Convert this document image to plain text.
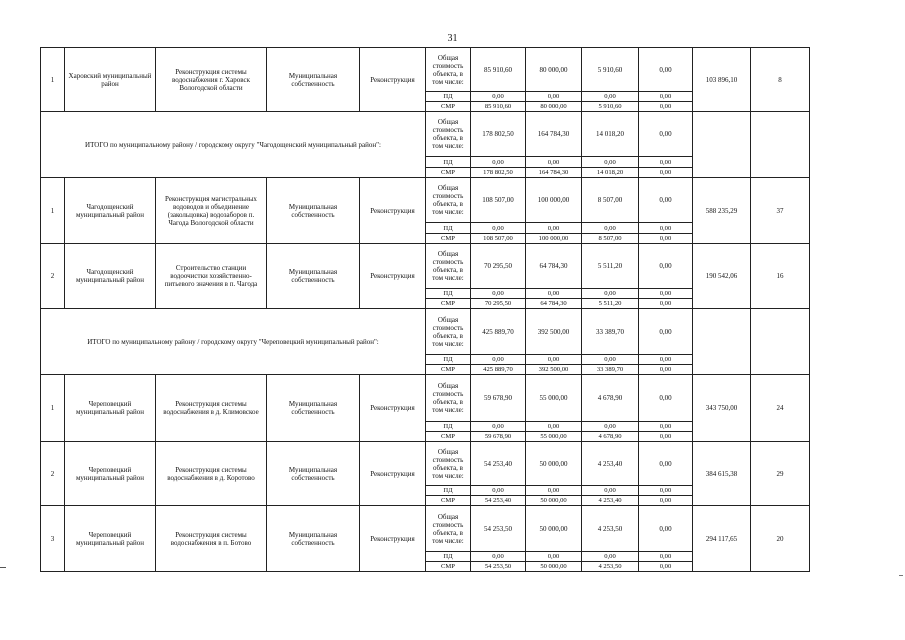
31
1	Харовский муниципальный район	Реконструкция системы водоснабжения г. Харовск Вологодской области	Муниципальная собственность	Реконструкция	Общая стоимость объекта, в том числе:	85 910,60	80 000,00	5 910,60	0,00	103 896,10	8
					ПД	0,00	0,00	0,00	0,00		
					СМР	85 910,60	80 000,00	5 910,60	0,00		
ИТОГО по муниципальному району / городскому округу "Чагодощенский муниципальный район":					Общая стоимость объекта, в том числе:	178 802,50	164 784,30	14 018,20	0,00		
					ПД	0,00	0,00	0,00	0,00		
					СМР	178 802,50	164 784,30	14 018,20	0,00		
1	Чагодощенский муниципальный район	Реконструкция магистральных водоводов и объединение (закольцовка) водозаборов п. Чагода Вологодской области	Муниципальная собственность	Реконструкция	Общая стоимость объекта, в том числе:	108 507,00	100 000,00	8 507,00	0,00	588 235,29	37
					ПД	0,00	0,00	0,00	0,00		
					СМР	108 507,00	100 000,00	8 507,00	0,00		
2	Чагодощенский муниципальный район	Строительство станции водоочистки хозяйственно-питьевого значения в п. Чагода	Муниципальная собственность	Реконструкция	Общая стоимость объекта, в том числе:	70 295,50	64 784,30	5 511,20	0,00	190 542,06	16
					ПД	0,00	0,00	0,00	0,00		
					СМР	70 295,50	64 784,30	5 511,20	0,00		
ИТОГО по муниципальному району / городскому округу "Череповецкий муниципальный район":					Общая стоимость объекта, в том числе:	425 889,70	392 500,00	33 389,70	0,00		
					ПД	0,00	0,00	0,00	0,00		
					СМР	425 889,70	392 500,00	33 389,70	0,00		
1	Череповецкий муниципальный район	Реконструкция системы водоснабжения в д. Климовское	Муниципальная собственность	Реконструкция	Общая стоимость объекта, в том числе:	59 678,90	55 000,00	4 678,90	0,00	343 750,00	24
					ПД	0,00	0,00	0,00	0,00		
					СМР	59 678,90	55 000,00	4 678,90	0,00		
2	Череповецкий муниципальный район	Реконструкция системы водоснабжения в д. Коротово	Муниципальная собственность	Реконструкция	Общая стоимость объекта, в том числе:	54 253,40	50 000,00	4 253,40	0,00	384 615,38	29
					ПД	0,00	0,00	0,00	0,00		
					СМР	54 253,40	50 000,00	4 253,40	0,00		
3	Череповецкий муниципальный район	Реконструкция системы водоснабжения в п. Ботово	Муниципальная собственность	Реконструкция	Общая стоимость объекта, в том числе:	54 253,50	50 000,00	4 253,50	0,00	294 117,65	20
					ПД	0,00	0,00	0,00	0,00		
					СМР	54 253,50	50 000,00	4 253,50	0,00		
